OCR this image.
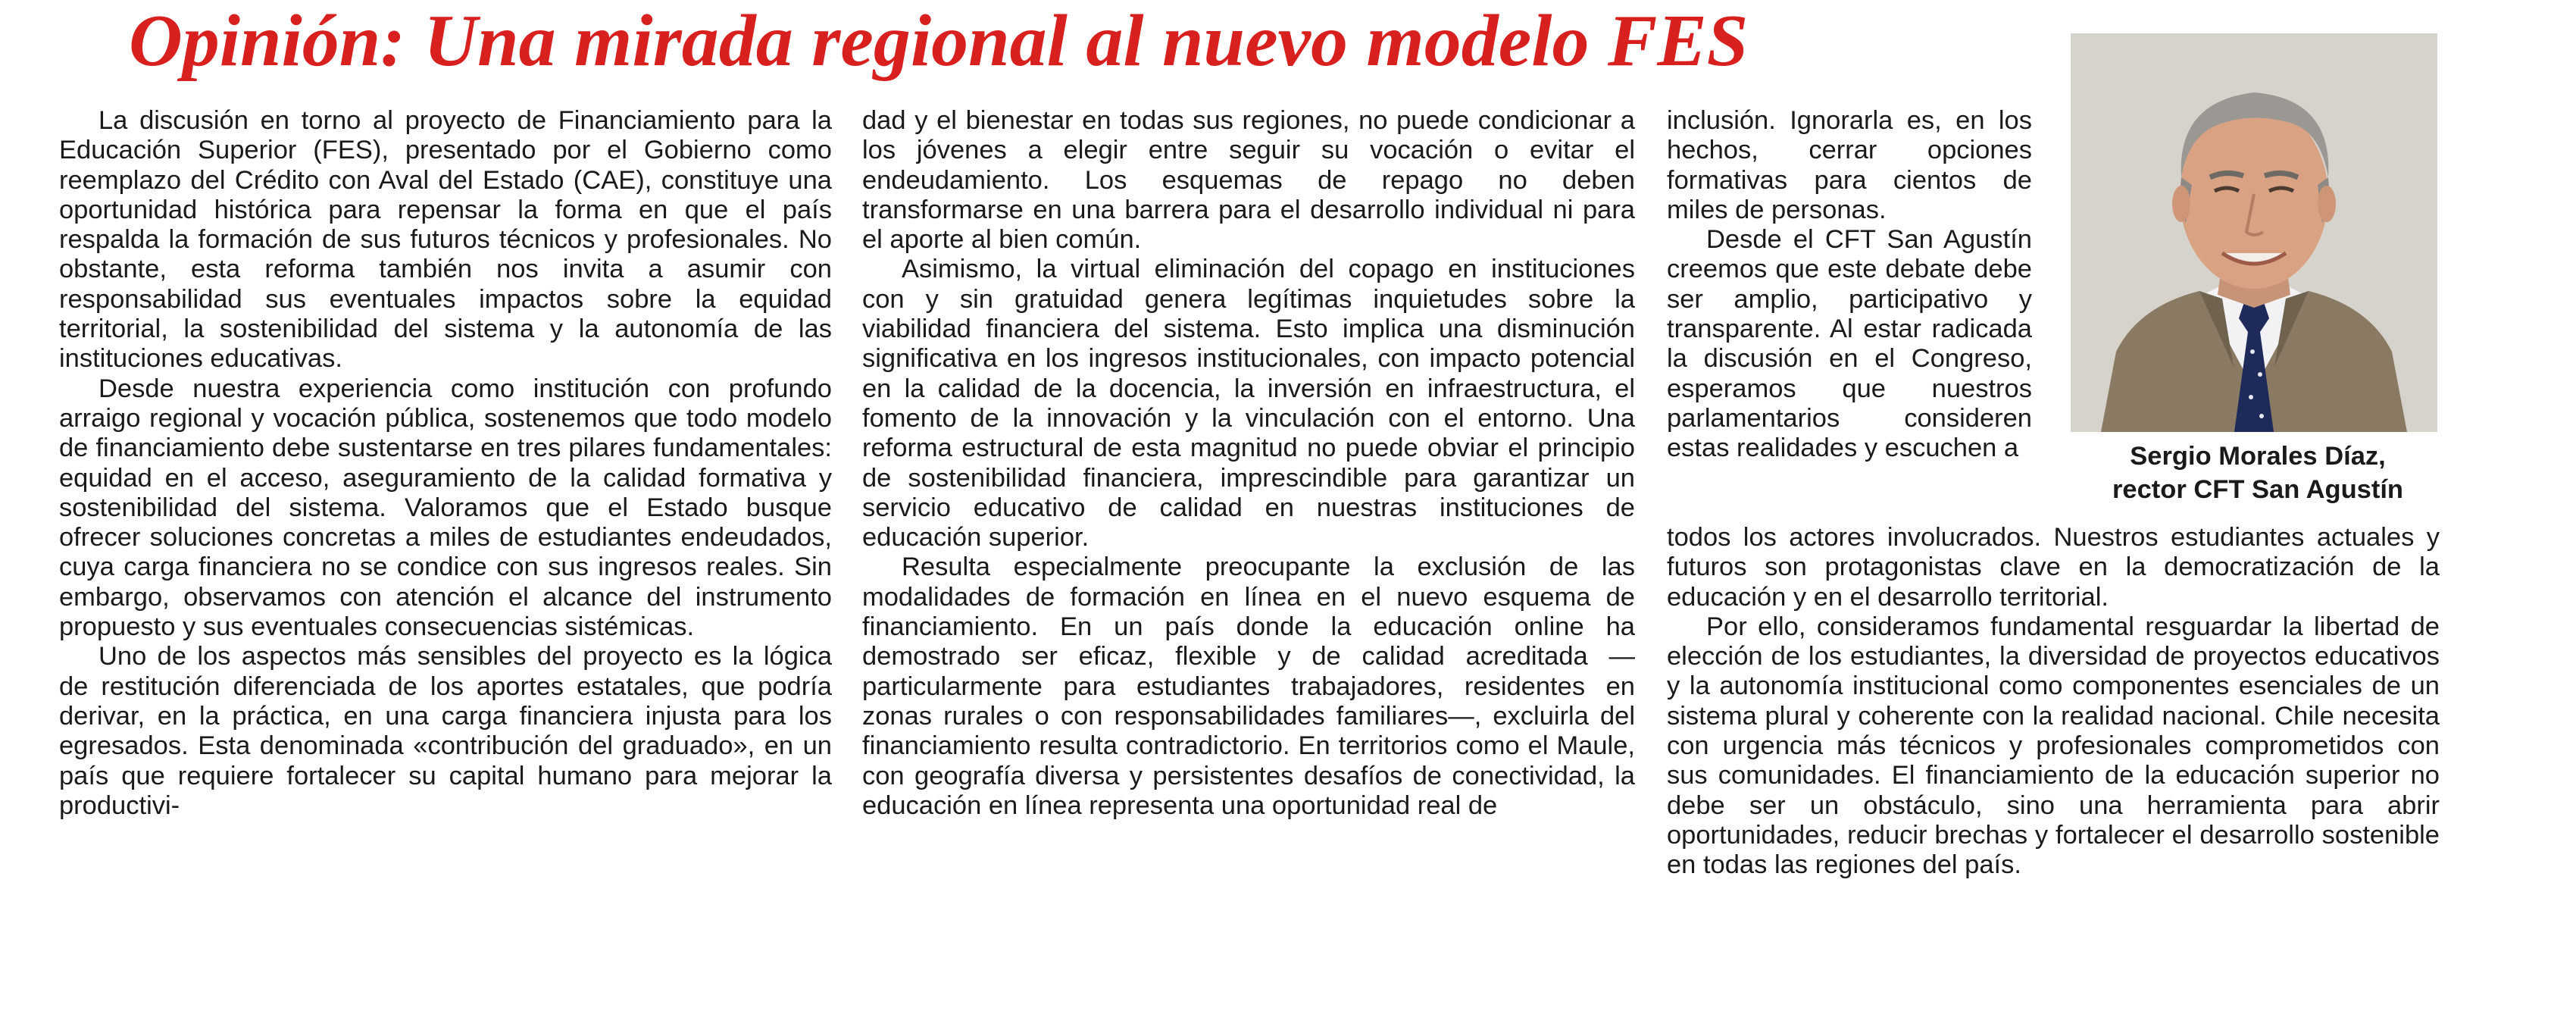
Opinión: Una mirada regional al nuevo modelo FES

La discusión en torno al proyecto de Financiamiento para la Educación Superior (FES), presentado por el Gobierno como reemplazo del Crédito con Aval del Estado (CAE), constituye una oportunidad histórica para repensar la forma en que el país respalda la formación de sus futuros técnicos y profesionales. No obstante, esta reforma también nos invita a asumir con responsabilidad sus eventuales impactos sobre la equidad territorial, la sostenibilidad del sistema y la autonomía de las instituciones educativas.

Desde nuestra experiencia como institución con profundo arraigo regional y vocación pública, sostenemos que todo modelo de financiamiento debe sustentarse en tres pilares fundamentales: equidad en el acceso, aseguramiento de la calidad formativa y sostenibilidad del sistema. Valoramos que el Estado busque ofrecer soluciones concretas a miles de estudiantes endeudados, cuya carga financiera no se condice con sus ingresos reales. Sin embargo, observamos con atención el alcance del instrumento propuesto y sus eventuales consecuencias sistémicas.

Uno de los aspectos más sensibles del proyecto es la lógica de restitución diferenciada de los aportes estatales, que podría derivar, en la práctica, en una carga financiera injusta para los egresados. Esta denominada «contribución del graduado», en un país que requiere fortalecer su capital humano para mejorar la productivi-

dad y el bienestar en todas sus regiones, no puede condicionar a los jóvenes a elegir entre seguir su vocación o evitar el endeudamiento. Los esquemas de repago no deben transformarse en una barrera para el desarrollo individual ni para el aporte al bien común.

Asimismo, la virtual eliminación del copago en instituciones con y sin gratuidad genera legítimas inquietudes sobre la viabilidad financiera del sistema. Esto implica una disminución significativa en los ingresos institucionales, con impacto potencial en la calidad de la docencia, la inversión en infraestructura, el fomento de la innovación y la vinculación con el entorno. Una reforma estructural de esta magnitud no puede obviar el principio de sostenibilidad financiera, imprescindible para garantizar un servicio educativo de calidad en nuestras instituciones de educación superior.

Resulta especialmente preocupante la exclusión de las modalidades de formación en línea en el nuevo esquema de financiamiento. En un país donde la educación online ha demostrado ser eficaz, flexible y de calidad acreditada —particularmente para estudiantes trabajadores, residentes en zonas rurales o con responsabilidades familiares—, excluirla del financiamiento resulta contradictorio. En territorios como el Maule, con geografía diversa y persistentes desafíos de conectividad, la educación en línea representa una oportunidad real de

inclusión. Ignorarla es, en los hechos, cerrar opciones formativas para cientos de miles de personas.

Desde el CFT San Agustín creemos que este debate debe ser amplio, participativo y transparente. Al estar radicada la discusión en el Congreso, esperamos que nuestros parlamentarios consideren estas realidades y escuchen a

todos los actores involucrados. Nuestros estudiantes actuales y futuros son protagonistas clave en la democratización de la educación y en el desarrollo territorial.

Por ello, consideramos fundamental resguardar la libertad de elección de los estudiantes, la diversidad de proyectos educativos y la autonomía institucional como componentes esenciales de un sistema plural y coherente con la realidad nacional. Chile necesita con urgencia más técnicos y profesionales comprometidos con sus comunidades. El financiamiento de la educación superior no debe ser un obstáculo, sino una herramienta para abrir oportunidades, reducir brechas y fortalecer el desarrollo sostenible en todas las regiones del país.

Sergio Morales Díaz,
rector CFT San Agustín
